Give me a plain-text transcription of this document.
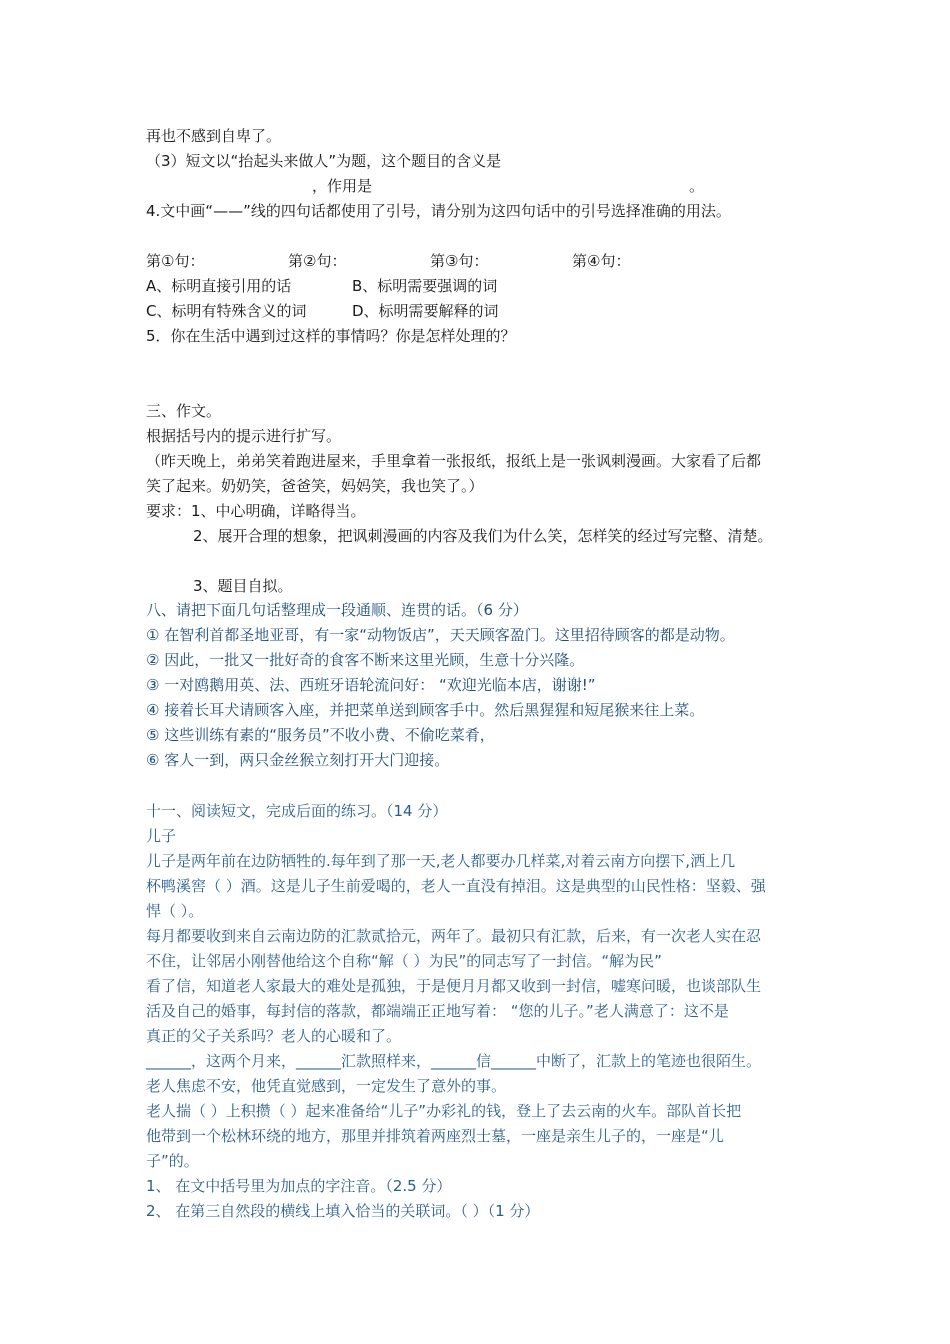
再也不感到自卑了。
（3）短文以“抬起头来做人”为题，这个题目的含义是
，作用是	。
4.文中画“——”线的四句话都使用了引号，请分别为这四句话中的引号选择准确的用法。
第①句：	第②句：	第③句：	第④句：
A、标明直接引用的话	B、标明需要强调的词
C、标明有特殊含义的词	D、标明需要解释的词
5．你在生活中遇到过这样的事情吗？你是怎样处理的？
三、作文。
根据括号内的提示进行扩写。
（昨天晚上，弟弟笑着跑进屋来，手里拿着一张报纸，报纸上是一张讽刺漫画。大家看了后都
笑了起来。奶奶笑，爸爸笑，妈妈笑，我也笑了。）
要求：1、中心明确，详略得当。
2、展开合理的想象，把讽刺漫画的内容及我们为什么笑，怎样笑的经过写完整、清楚。
3、题目自拟。
八、请把下面几句话整理成一段通顺、连贯的话。（6 分）
① 在智利首都圣地亚哥，有一家“动物饭店”，天天顾客盈门。这里招待顾客的都是动物。
② 因此，一批又一批好奇的食客不断来这里光顾，生意十分兴隆。
③ 一对鸥鹅用英、法、西班牙语轮流问好： “欢迎光临本店，谢谢!”
④ 接着长耳犬请顾客入座，并把菜单送到顾客手中。然后黑猩猩和短尾猴来往上菜。
⑤ 这些训练有素的“服务员”不收小费、不偷吃菜肴，
⑥ 客人一到，两只金丝猴立刻打开大门迎接。
十一、阅读短文，完成后面的练习。（14 分）
儿子
儿子是两年前在边防牺牲的.每年到了那一天,老人都要办几样菜,对着云南方向摆下,洒上几
杯鸭溪窖（ ）酒。这是儿子生前爱喝的，老人一直没有掉泪。这是典型的山民性格：坚毅、强
悍（ ）。
每月都要收到来自云南边防的汇款贰拾元，两年了。最初只有汇款，后来，有一次老人实在忍
不住，让邻居小刚替他给这个自称“解（ ）为民”的同志写了一封信。“解为民”
看了信，知道老人家最大的难处是孤独，于是便月月都又收到一封信，嘘寒问暖，也谈部队生
活及自己的婚事，每封信的落款，都端端正正地写着： “您的儿子。”老人满意了：这不是
真正的父子关系吗？老人的心暖和了。
______，这两个月来，______汇款照样来，______信______中断了，汇款上的笔迹也很陌生。
老人焦虑不安，他凭直觉感到，一定发生了意外的事。
老人揣（ ）上积攒（ ）起来准备给“儿子”办彩礼的钱，登上了去云南的火车。部队首长把
他带到一个松林环绕的地方，那里并排筑着两座烈士墓，一座是亲生儿子的，一座是“儿
子”的。
1、 在文中括号里为加点的字注音。（2.5 分）
2、 在第三自然段的横线上填入恰当的关联词。（ ）（1 分）
